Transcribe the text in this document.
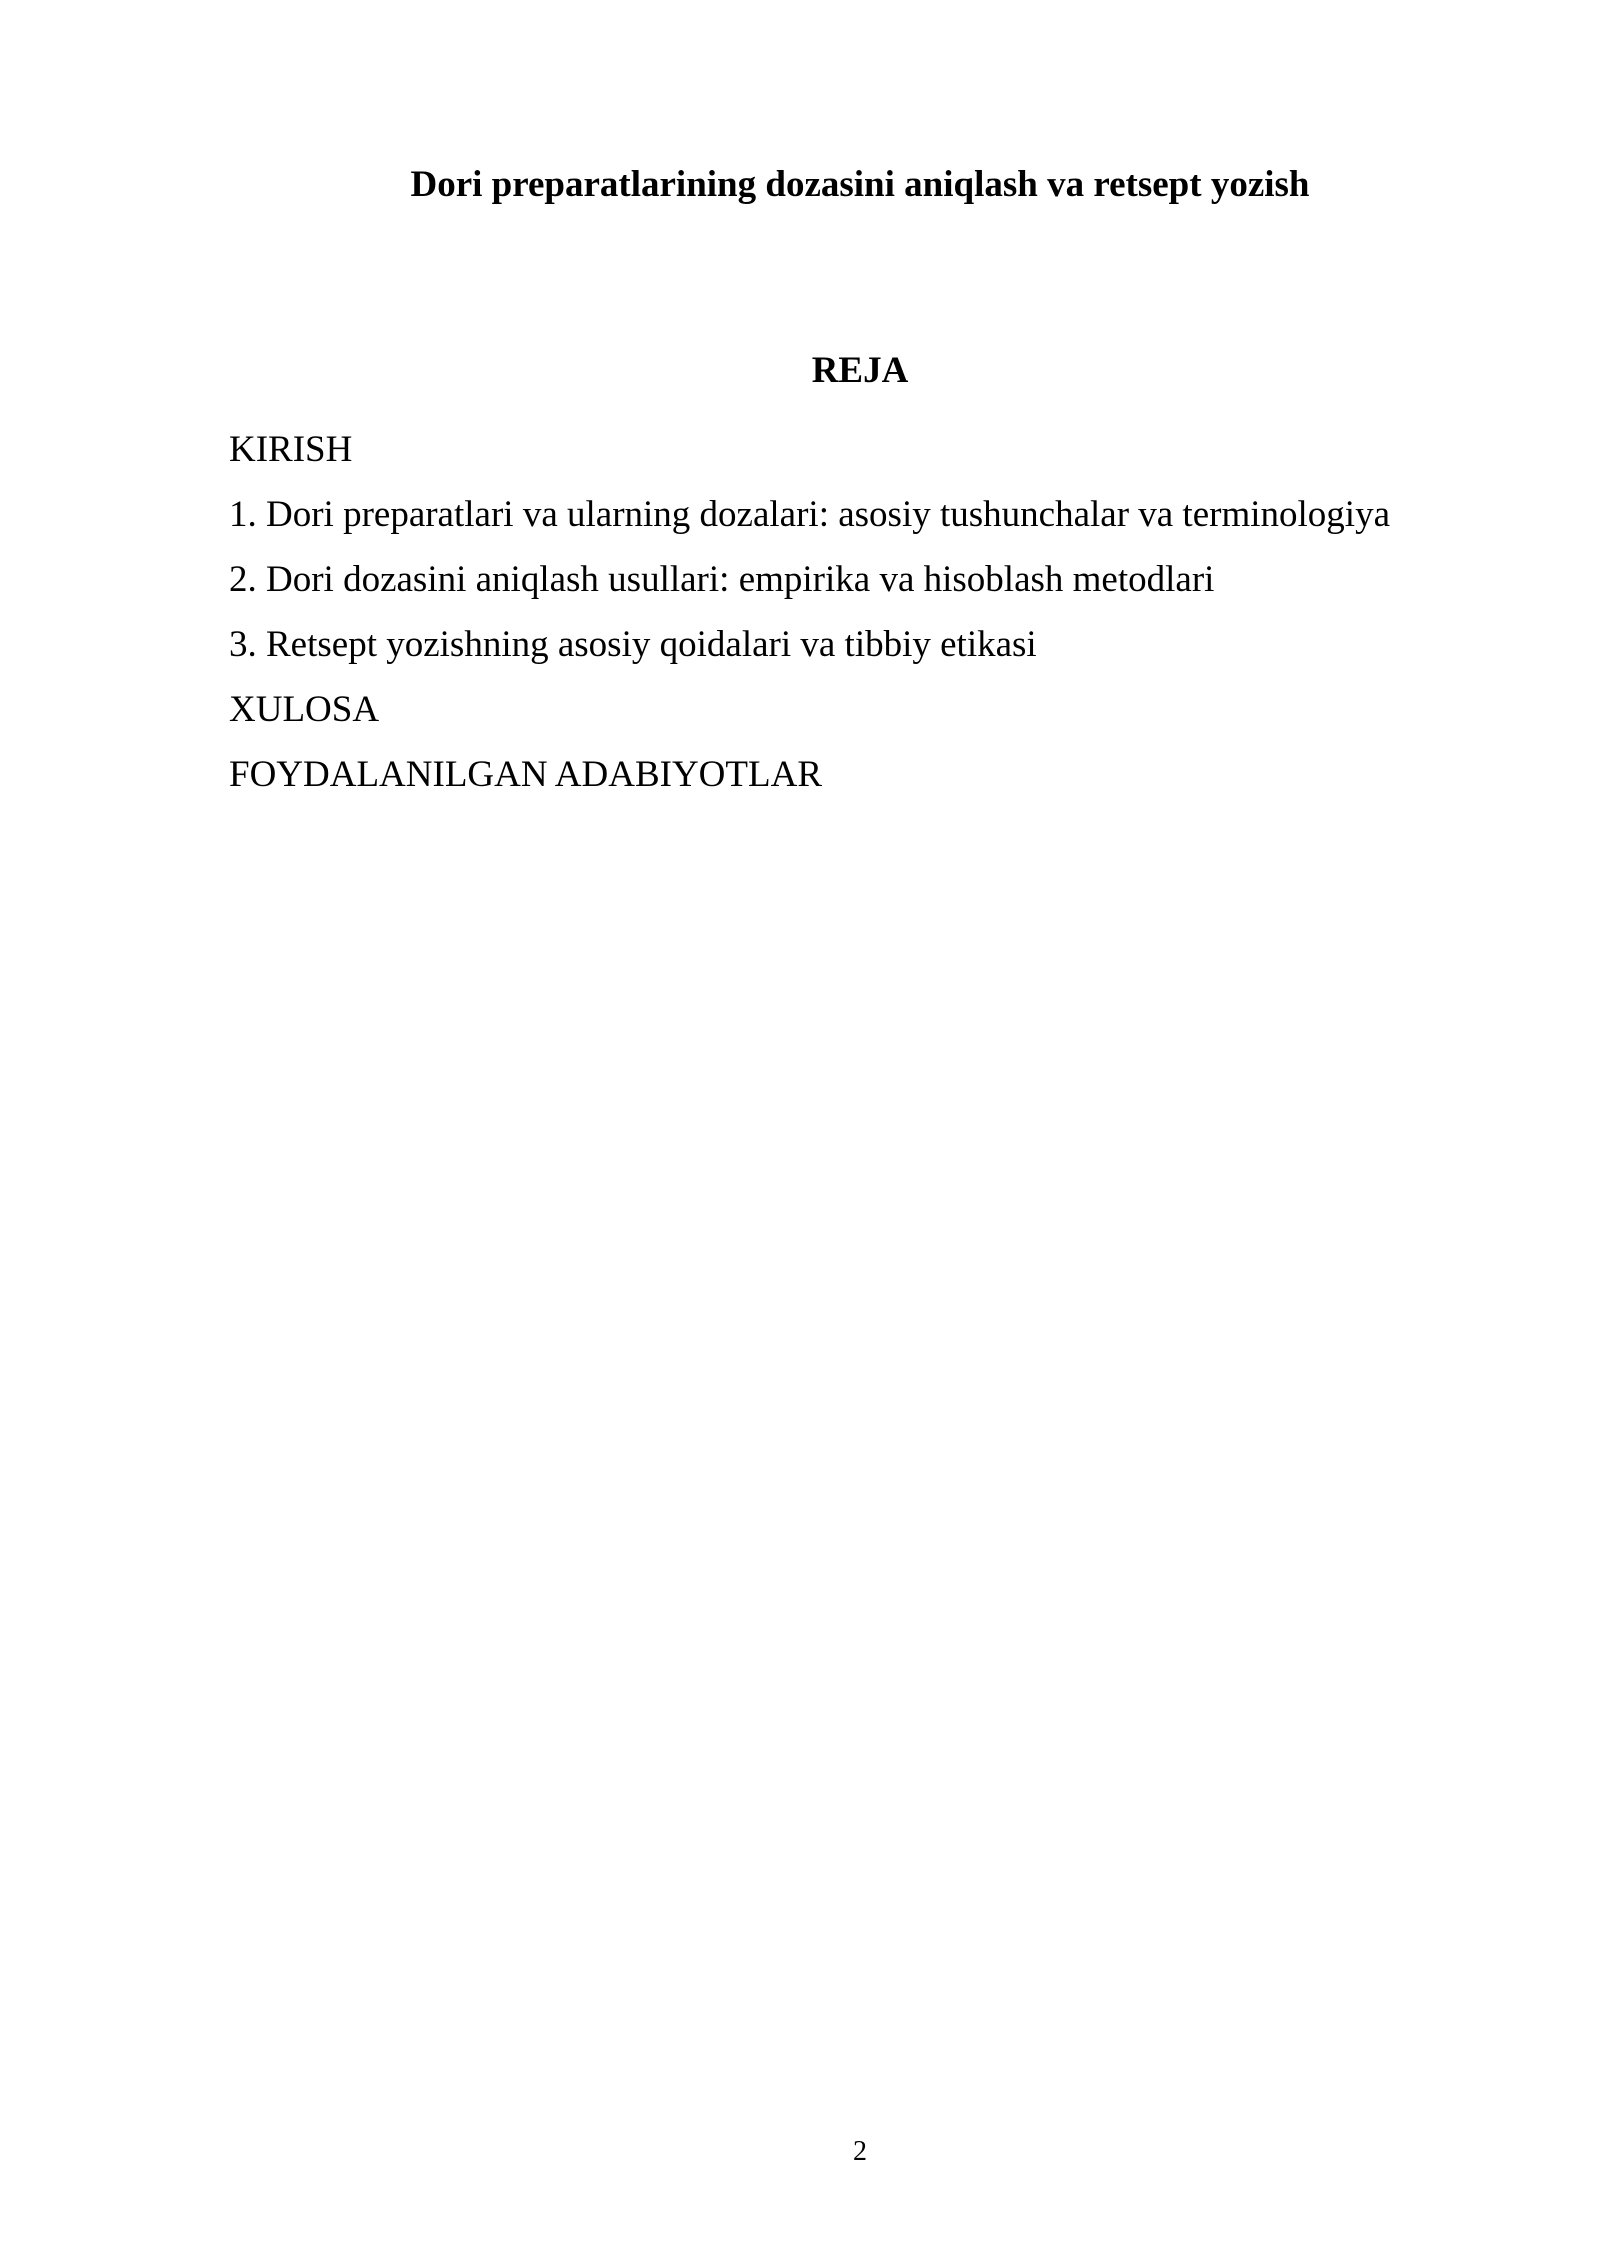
Dori preparatlarining dozasini aniqlash va retsept yozish
REJA
KIRISH
1. Dori preparatlari va ularning dozalari: asosiy tushunchalar va terminologiya
2. Dori dozasini aniqlash usullari: empirika va hisoblash metodlari
3. Retsept yozishning asosiy qoidalari va tibbiy etikasi
XULOSA
FOYDALANILGAN ADABIYOTLAR
2
